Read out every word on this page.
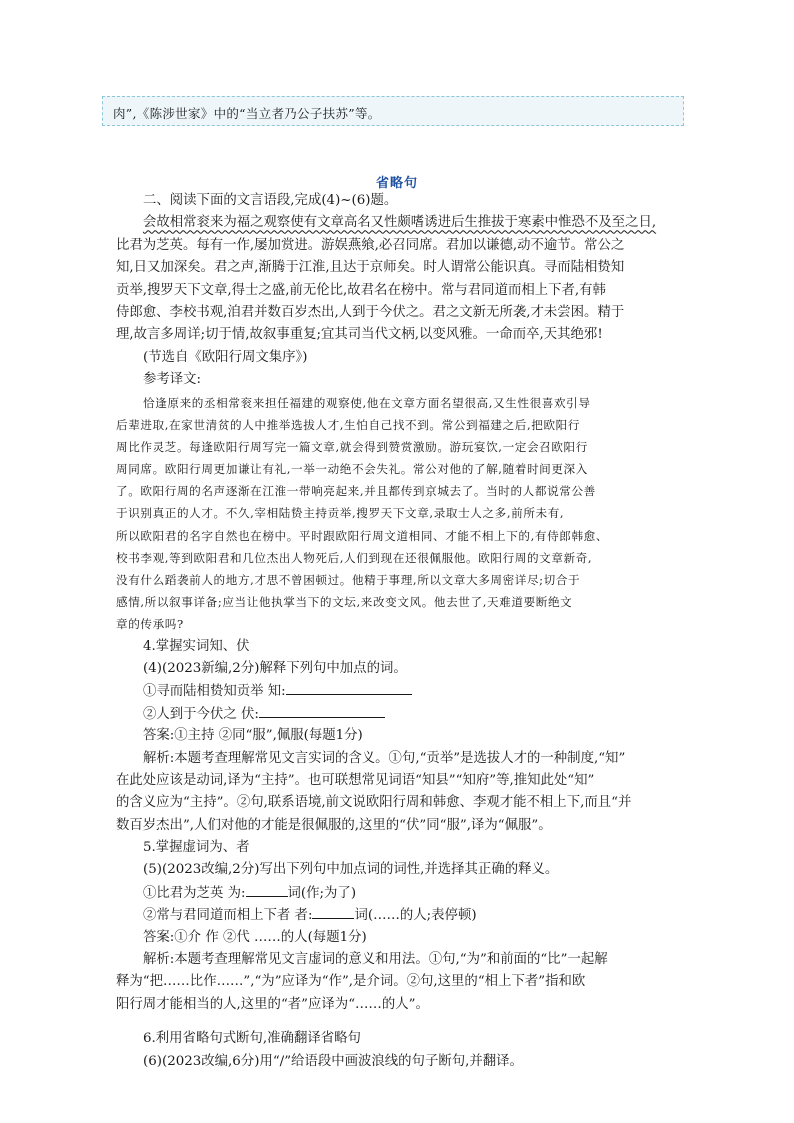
肉”,《陈涉世家》中的“当立者乃公子扶苏”等。
省略句
二、阅读下面的文言语段,完成(4)~(6)题。
会故相常衮来为福之观察使有文章高名又性颇嗜诱进后生推拔于寒素中惟恐不及至之日,
比君为芝英。每有一作,屡加赏进。游娱燕飨,必召同席。君加以谦德,动不逾节。常公之
知,日又加深矣。君之声,渐腾于江淮,且达于京师矣。时人谓常公能识真。寻而陆相贽知
贡举,搜罗天下文章,得士之盛,前无伦比,故君名在榜中。常与君同道而相上下者,有韩
侍郎愈、李校书观,洎君并数百岁杰出,人到于今伏之。君之文新无所袭,才未尝困。精于
理,故言多周详;切于情,故叙事重复;宜其司当代文柄,以变风雅。一命而卒,天其绝邪!
(节选自《欧阳行周文集序》)
参考译文:
恰逢原来的丞相常衮来担任福建的观察使,他在文章方面名望很高,又生性很喜欢引导
后辈进取,在家世清贫的人中推举选拔人才,生怕自己找不到。常公到福建之后,把欧阳行
周比作灵芝。每逢欧阳行周写完一篇文章,就会得到赞赏激励。游玩宴饮,一定会召欧阳行
周同席。欧阳行周更加谦让有礼,一举一动绝不会失礼。常公对他的了解,随着时间更深入
了。欧阳行周的名声逐渐在江淮一带响亮起来,并且都传到京城去了。当时的人都说常公善
于识别真正的人才。不久,宰相陆贽主持贡举,搜罗天下文章,录取士人之多,前所未有,
所以欧阳君的名字自然也在榜中。平时跟欧阳行周文道相同、才能不相上下的,有侍郎韩愈、
校书李观,等到欧阳君和几位杰出人物死后,人们到现在还很佩服他。欧阳行周的文章新奇,
没有什么蹈袭前人的地方,才思不曾困顿过。他精于事理,所以文章大多周密详尽;切合于
感情,所以叙事详备;应当让他执掌当下的文坛,来改变文风。他去世了,天难道要断绝文
章的传承吗?
4.掌握实词知、伏
(4)(2023新编,2分)解释下列句中加点的词。
①寻而陆相贽知贡举 知:
②人到于今伏之 伏:
答案:①主持 ②同“服”,佩服(每题1分)
解析:本题考查理解常见文言实词的含义。①句,“贡举”是选拔人才的一种制度,“知”
在此处应该是动词,译为“主持”。也可联想常见词语“知县”“知府”等,推知此处“知”
的含义应为“主持”。②句,联系语境,前文说欧阳行周和韩愈、李观才能不相上下,而且“并
数百岁杰出”,人们对他的才能是很佩服的,这里的“伏”同“服”,译为“佩服”。
5.掌握虚词为、者
(5)(2023改编,2分)写出下列句中加点词的词性,并选择其正确的释义。
①比君为芝英 为:	词(作;为了)
②常与君同道而相上下者 者:	词(……的人;表停顿)
答案:①介 作 ②代 ……的人(每题1分)
解析:本题考查理解常见文言虚词的意义和用法。①句,“为”和前面的“比”一起解
释为“把……比作……”,“为”应译为“作”,是介词。②句,这里的“相上下者”指和欧
阳行周才能相当的人,这里的“者”应译为“……的人”。
6.利用省略句式断句,准确翻译省略句
(6)(2023改编,6分)用“/”给语段中画波浪线的句子断句,并翻译。
